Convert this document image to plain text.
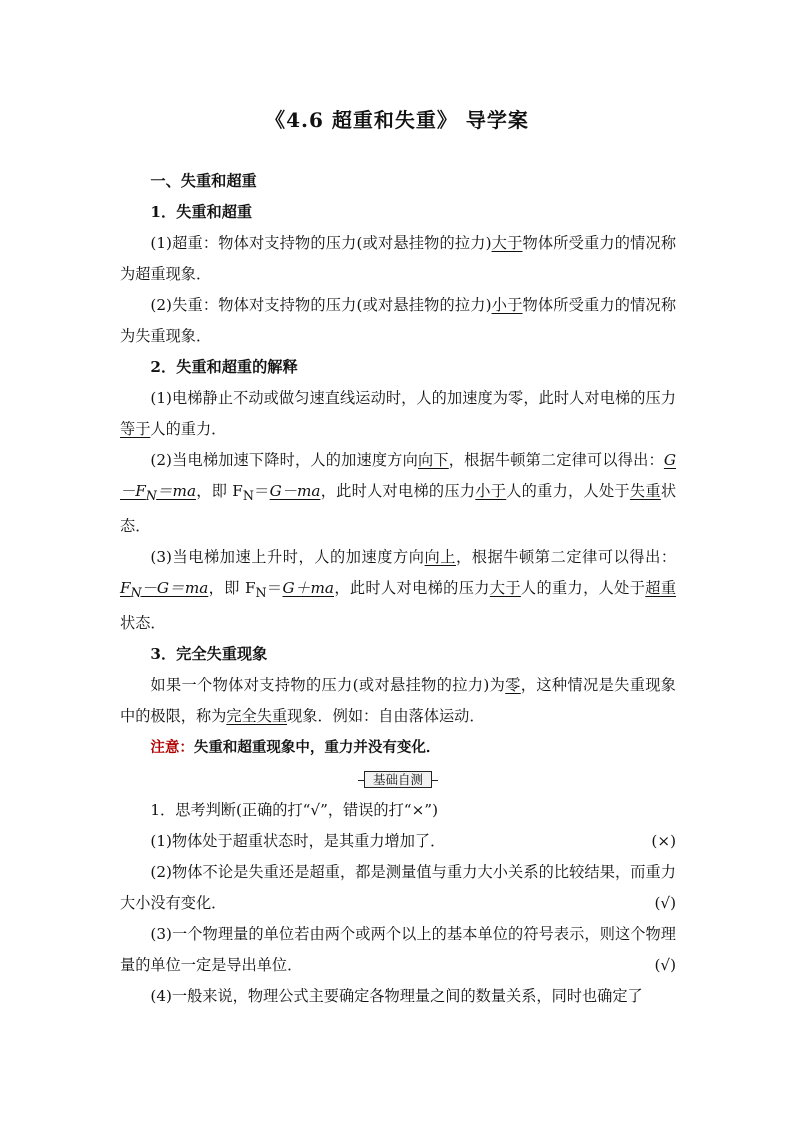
《4.6 超重和失重》 导学案

一、失重和超重

1．失重和超重

(1)超重：物体对支持物的压力(或对悬挂物的拉力)大于物体所受重力的情况称为超重现象．

(2)失重：物体对支持物的压力(或对悬挂物的拉力)小于物体所受重力的情况称为失重现象．

2．失重和超重的解释

(1)电梯静止不动或做匀速直线运动时，人的加速度为零，此时人对电梯的压力等于人的重力．

(2)当电梯加速下降时，人的加速度方向向下，根据牛顿第二定律可以得出：$G-F_N=ma$，即 $F_N=G-ma$，此时人对电梯的压力小于人的重力，人处于失重状态．

(3)当电梯加速上升时，人的加速度方向向上，根据牛顿第二定律可以得出：$F_N-G=ma$，即 $F_N=G+ma$，此时人对电梯的压力大于人的重力，人处于超重状态．

3．完全失重现象

如果一个物体对支持物的压力(或对悬挂物的拉力)为零，这种情况是失重现象中的极限，称为完全失重现象．例如：自由落体运动．

注意：失重和超重现象中，重力并没有变化．

基础自测

1．思考判断(正确的打“√”，错误的打“×”)

(1)物体处于超重状态时，是其重力增加了．	(×)

(2)物体不论是失重还是超重，都是测量值与重力大小关系的比较结果，而重力大小没有变化．	(√)

(3)一个物理量的单位若由两个或两个以上的基本单位的符号表示，则这个物理量的单位一定是导出单位．	(√)

(4)一般来说，物理公式主要确定各物理量之间的数量关系，同时也确定了
